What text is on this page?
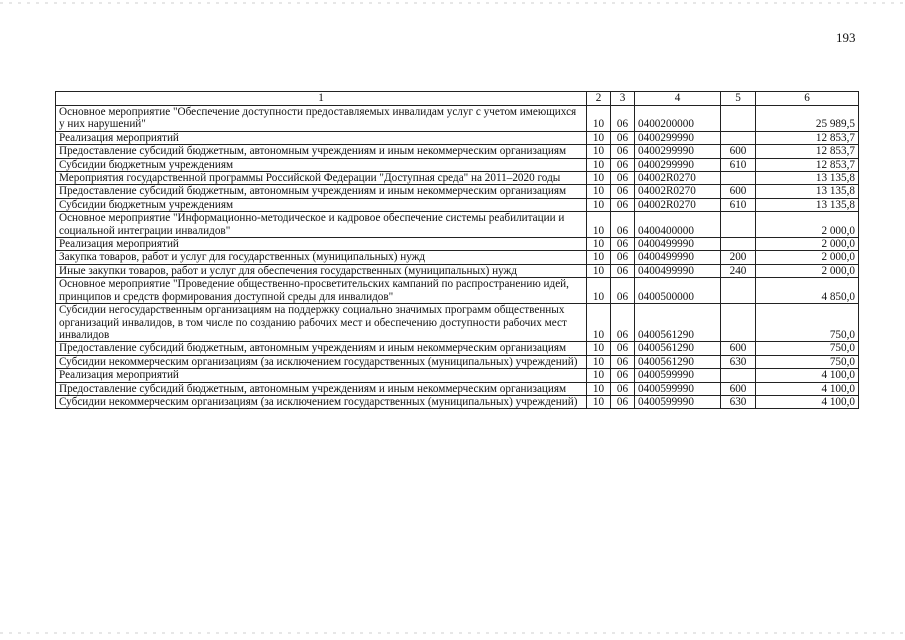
193
1	2	3	4	5	6
Основное мероприятие "Обеспечение доступности предоставляемых инвалидам услуг с учетом имеющихся у них нарушений"	10	06	0400200000		25 989,5
Реализация мероприятий	10	06	0400299990		12 853,7
Предоставление субсидий бюджетным, автономным учреждениям и иным некоммерческим организациям	10	06	0400299990	600	12 853,7
Субсидии бюджетным учреждениям	10	06	0400299990	610	12 853,7
Мероприятия государственной программы Российской Федерации "Доступная среда" на 2011–2020 годы	10	06	04002R0270		13 135,8
Предоставление субсидий бюджетным, автономным учреждениям и иным некоммерческим организациям	10	06	04002R0270	600	13 135,8
Субсидии бюджетным учреждениям	10	06	04002R0270	610	13 135,8
Основное мероприятие "Информационно-методическое и кадровое обеспечение системы реабилитации и социальной интеграции инвалидов"	10	06	0400400000		2 000,0
Реализация мероприятий	10	06	0400499990		2 000,0
Закупка товаров, работ и услуг для государственных (муниципальных) нужд	10	06	0400499990	200	2 000,0
Иные закупки товаров, работ и услуг для обеспечения государственных (муниципальных) нужд	10	06	0400499990	240	2 000,0
Основное мероприятие "Проведение общественно-просветительских кампаний по распространению идей, принципов и средств формирования доступной среды для инвалидов"	10	06	0400500000		4 850,0
Субсидии негосударственным организациям на поддержку социально значимых программ общественных организаций инвалидов, в том числе по созданию рабочих мест и обеспечению доступности рабочих мест инвалидов	10	06	0400561290		750,0
Предоставление субсидий бюджетным, автономным учреждениям и иным некоммерческим организациям	10	06	0400561290	600	750,0
Субсидии некоммерческим организациям (за исключением государственных (муниципальных) учреждений)	10	06	0400561290	630	750,0
Реализация мероприятий	10	06	0400599990		4 100,0
Предоставление субсидий бюджетным, автономным учреждениям и иным некоммерческим организациям	10	06	0400599990	600	4 100,0
Субсидии некоммерческим организациям (за исключением государственных (муниципальных) учреждений)	10	06	0400599990	630	4 100,0
